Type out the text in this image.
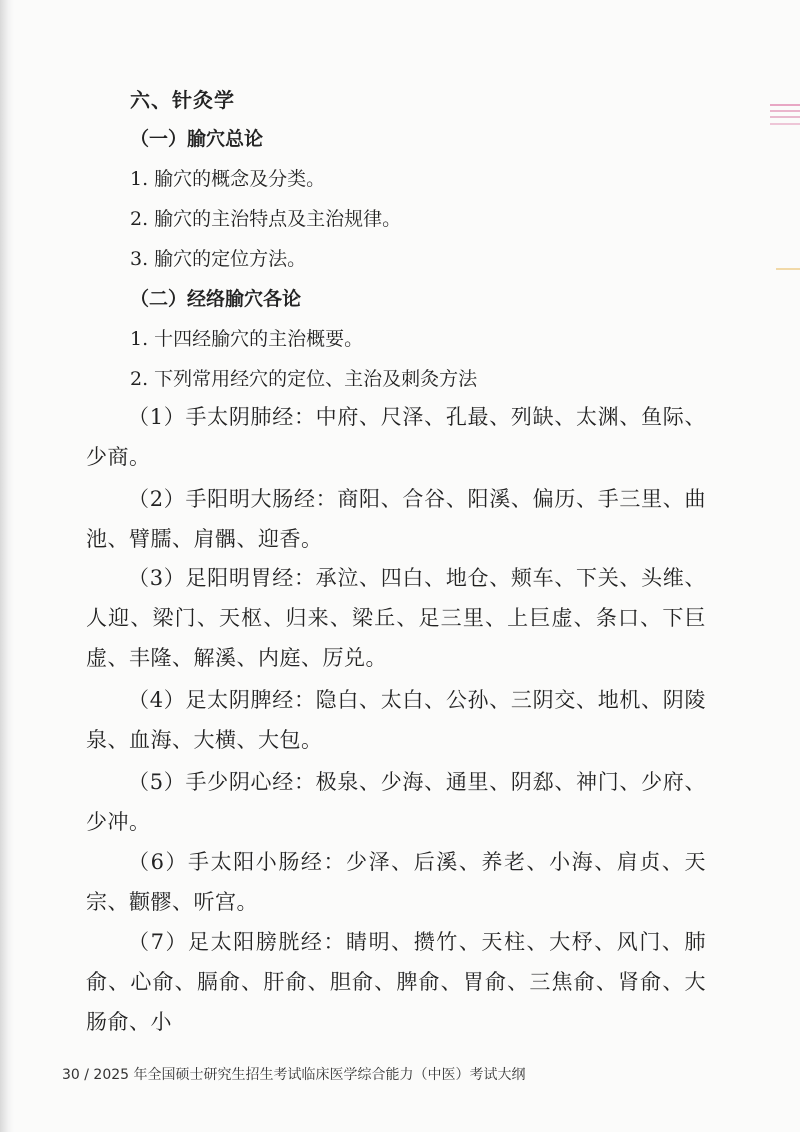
六、针灸学
（一）腧穴总论

1. 腧穴的概念及分类。

2. 腧穴的主治特点及主治规律。

3. 腧穴的定位方法。

（二）经络腧穴各论

1. 十四经腧穴的主治概要。

2. 下列常用经穴的定位、主治及刺灸方法

（1）手太阴肺经：中府、尺泽、孔最、列缺、太渊、鱼际、少商。

（2）手阳明大肠经：商阳、合谷、阳溪、偏历、手三里、曲池、臂臑、肩髃、迎香。

（3）足阳明胃经：承泣、四白、地仓、颊车、下关、头维、人迎、梁门、天枢、归来、梁丘、足三里、上巨虚、条口、下巨虚、丰隆、解溪、内庭、厉兑。

（4）足太阴脾经：隐白、太白、公孙、三阴交、地机、阴陵泉、血海、大横、大包。

（5）手少阴心经：极泉、少海、通里、阴郄、神门、少府、少冲。

（6）手太阳小肠经：少泽、后溪、养老、小海、肩贞、天宗、颧髎、听宫。

（7）足太阳膀胱经：睛明、攒竹、天柱、大杼、风门、肺俞、心俞、膈俞、肝俞、胆俞、脾俞、胃俞、三焦俞、肾俞、大肠俞、小

30 / 2025 年全国硕士研究生招生考试临床医学综合能力（中医）考试大纲
